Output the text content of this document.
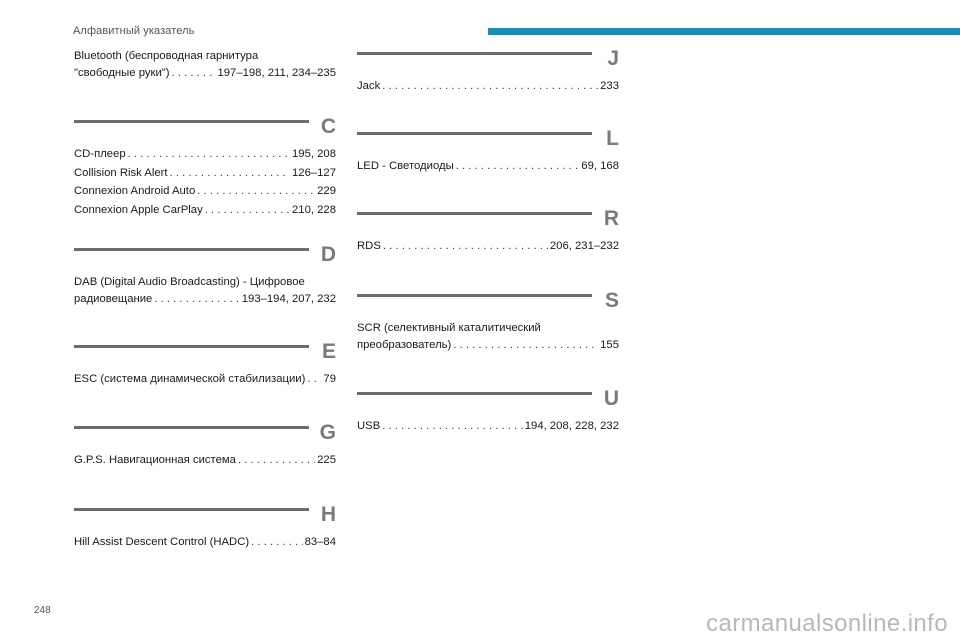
Алфавитный указатель
Bluetooth (беспроводная гарнитура
"свободные руки") . . .	197–198, 211, 234–235
C
CD-плеер . . .	195, 208
Collision Risk Alert . . .	126–127
Connexion Android Auto . . .	229
Connexion Apple CarPlay . . .	210, 228
D
DAB (Digital Audio Broadcasting) - Цифровое
радиовещание . . .	193–194, 207, 232
E
ESC (система динамической стабилизации) . . . 79
G
G.P.S. Навигационная система . . .	225
H
Hill Assist Descent Control (HADC) . . .	83–84
J
Jack . . .	233
L
LED - Светодиоды . . .	69, 168
R
RDS . . .	206, 231–232
S
SCR (селективный каталитический
преобразователь) . . .	155
U
USB . . .	194, 208, 228, 232
248	carmanualsonline.info
